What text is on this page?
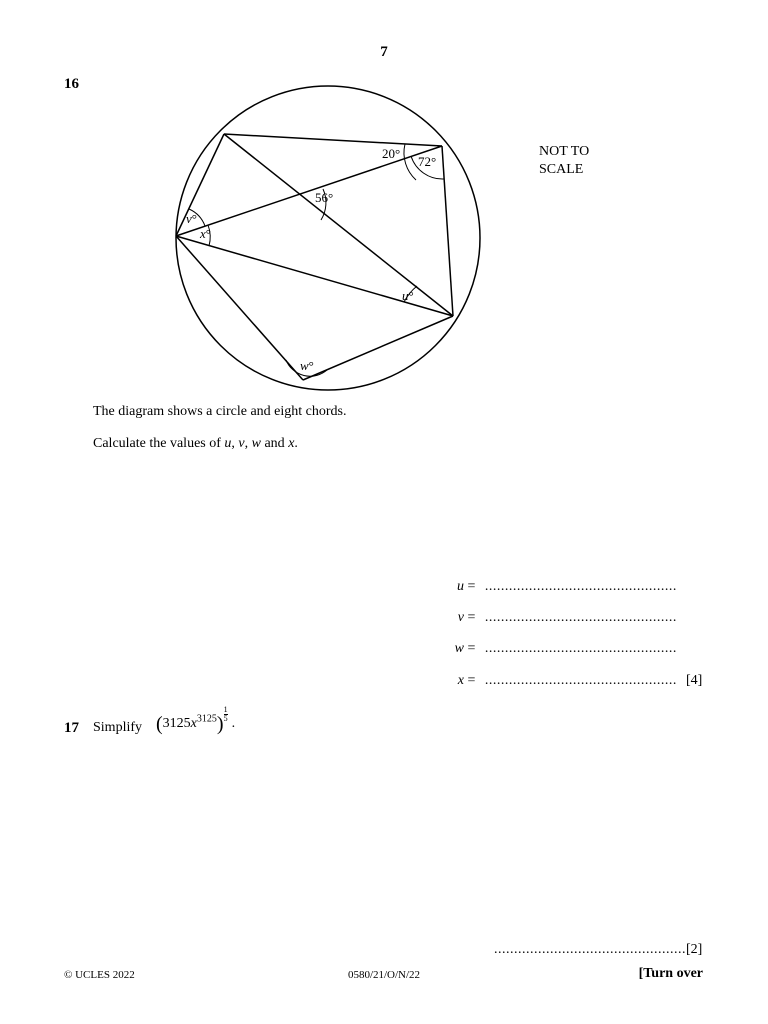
7
16
20°
72°
56°
v°
x°
u°
w°
NOT TO
SCALE
The diagram shows a circle and eight chords.
Calculate the values of u, v, w and x.
u = ................................................
v = ................................................
w = ................................................
x = ................................................ [4]
17 Simplify $(3125x^{3125}) \frac{1}{5}$
.
................................................ [2]
© UCLES 2022	0580/21/O/N/22	[Turn over
